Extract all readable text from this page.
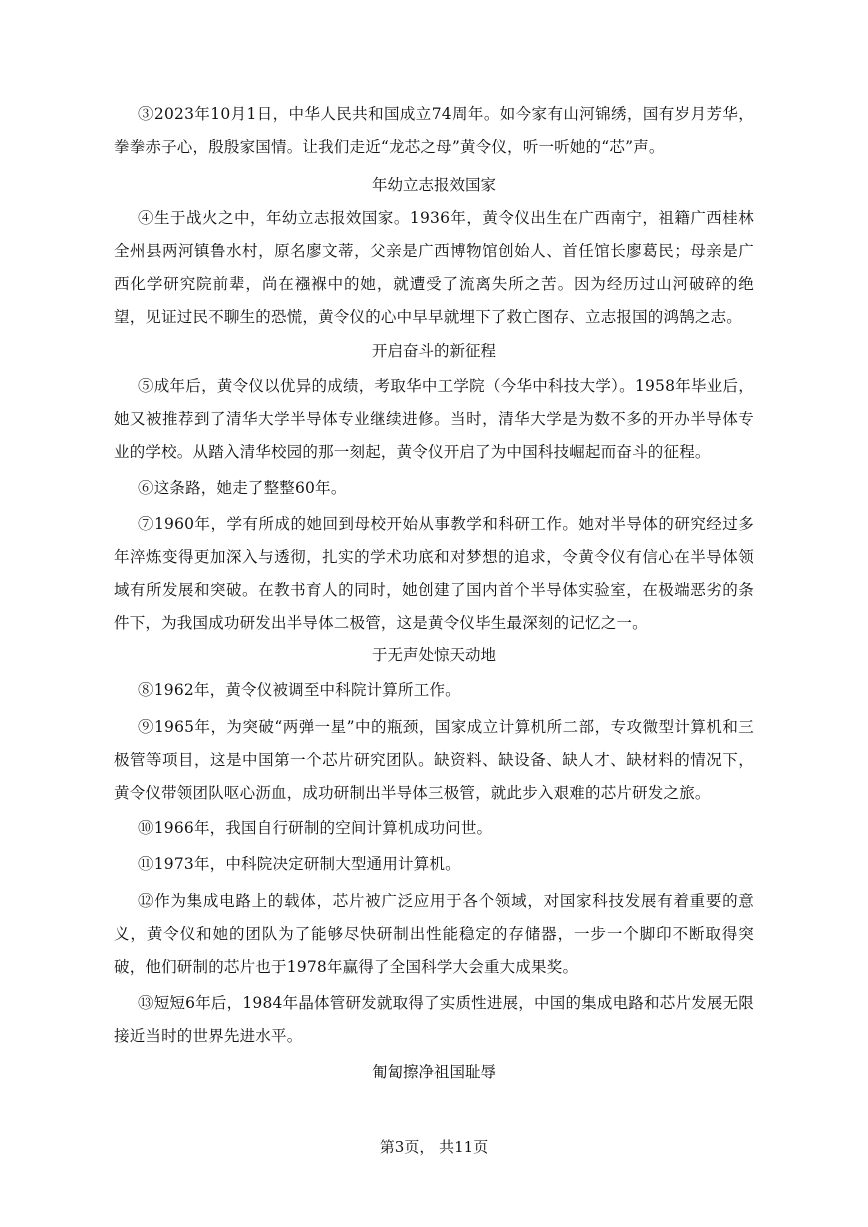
③2023年10月1日，中华人民共和国成立74周年。如今家有山河锦绣，国有岁月芳华，拳拳赤子心，殷殷家国情。让我们走近“龙芯之母”黄令仪，听一听她的“芯”声。

年幼立志报效国家

④生于战火之中，年幼立志报效国家。1936年，黄令仪出生在广西南宁，祖籍广西桂林全州县两河镇鲁水村，原名廖文蒂，父亲是广西博物馆创始人、首任馆长廖葛民；母亲是广西化学研究院前辈，尚在襁褓中的她，就遭受了流离失所之苦。因为经历过山河破碎的绝望，见证过民不聊生的恐慌，黄令仪的心中早早就埋下了救亡图存、立志报国的鸿鹄之志。

开启奋斗的新征程

⑤成年后，黄令仪以优异的成绩，考取华中工学院（今华中科技大学）。1958年毕业后，她又被推荐到了清华大学半导体专业继续进修。当时，清华大学是为数不多的开办半导体专业的学校。从踏入清华校园的那一刻起，黄令仪开启了为中国科技崛起而奋斗的征程。

⑥这条路，她走了整整60年。

⑦1960年，学有所成的她回到母校开始从事教学和科研工作。她对半导体的研究经过多年淬炼变得更加深入与透彻，扎实的学术功底和对梦想的追求，令黄令仪有信心在半导体领域有所发展和突破。在教书育人的同时，她创建了国内首个半导体实验室，在极端恶劣的条件下，为我国成功研发出半导体二极管，这是黄令仪毕生最深刻的记忆之一。

于无声处惊天动地

⑧1962年，黄令仪被调至中科院计算所工作。

⑨1965年，为突破“两弹一星”中的瓶颈，国家成立计算机所二部，专攻微型计算机和三极管等项目，这是中国第一个芯片研究团队。缺资料、缺设备、缺人才、缺材料的情况下，黄令仪带领团队呕心沥血，成功研制出半导体三极管，就此步入艰难的芯片研发之旅。

⑩1966年，我国自行研制的空间计算机成功问世。

⑪1973年，中科院决定研制大型通用计算机。

⑫作为集成电路上的载体，芯片被广泛应用于各个领域，对国家科技发展有着重要的意义，黄令仪和她的团队为了能够尽快研制出性能稳定的存储器，一步一个脚印不断取得突破，他们研制的芯片也于1978年赢得了全国科学大会重大成果奖。

⑬短短6年后，1984年晶体管研发就取得了实质性进展，中国的集成电路和芯片发展无限接近当时的世界先进水平。

匍匐擦净祖国耻辱

第3页， 共11页
